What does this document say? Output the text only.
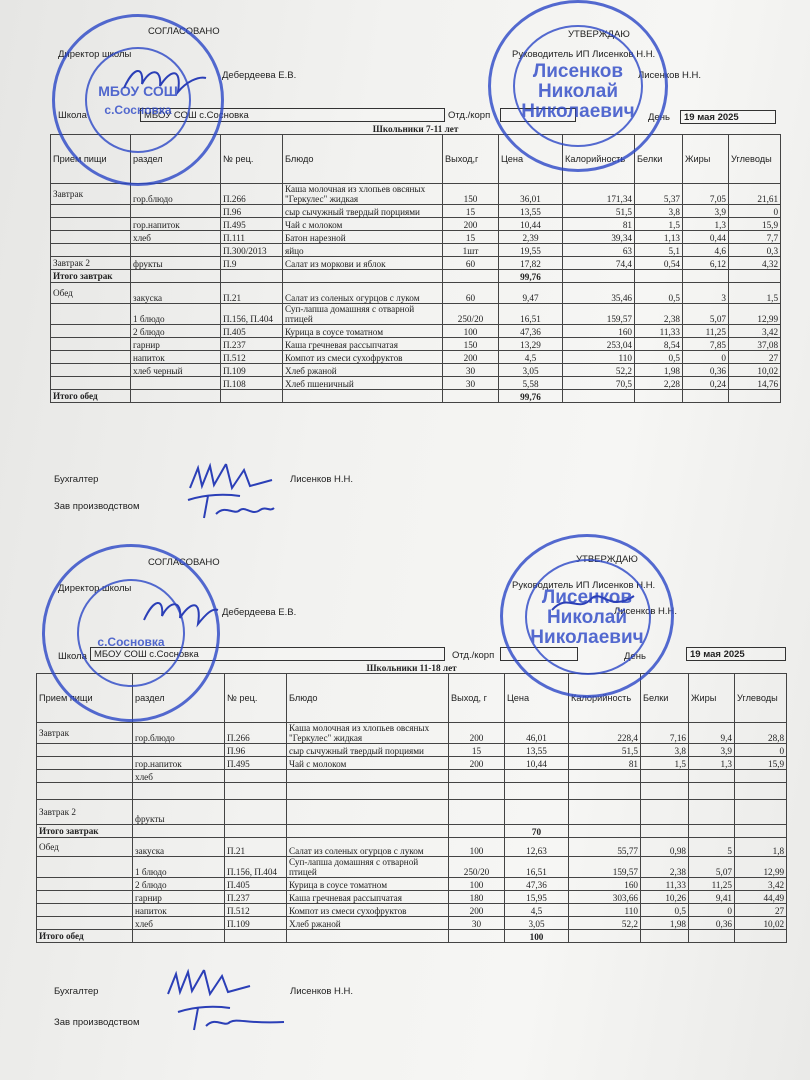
СОГЛАСОВАНО
Директор школы
Дебердеева Е.В.
УТВЕРЖДАЮ
Руководитель ИП Лисенков Н.Н.
Лисенков Н.Н.
Школа	МБОУ СОШ с.Сосновка	Отд./корп	День	19 мая 2025
Школьники 7-11 лет									
Прием пищи	раздел	№ рец.	Блюдо	Выход,г	Цена	Калорийность	Белки	Жиры	Углеводы
Завтрак	гор.блюдо	П.266	Каша молочная из хлопьев овсяных "Геркулес" жидкая	150	36,01	171,34	5,37	7,05	21,61
		П.96	сыр сычужный твердый порциями	15	13,55	51,5	3,8	3,9	0
	гор.напиток	П.495	Чай с молоком	200	10,44	81	1,5	1,3	15,9
	хлеб	П.111	Батон нарезной	15	2,39	39,34	1,13	0,44	7,7
		П.300/2013	яйцо	1шт	19,55	63	5,1	4,6	0,3
Завтрак 2	фрукты	П.9	Салат из моркови и яблок	60	17,82	74,4	0,54	6,12	4,32
Итого завтрак					99,76				
Обед	закуска	П.21	Салат из соленых огурцов с луком	60	9,47	35,46	0,5	3	1,5
	1 блюдо	П.156, П.404	Суп-лапша домашняя с отварной птицей	250/20	16,51	159,57	2,38	5,07	12,99
	2 блюдо	П.405	Курица в соусе томатном	100	47,36	160	11,33	11,25	3,42
	гарнир	П.237	Каша гречневая рассыпчатая	150	13,29	253,04	8,54	7,85	37,08
	напиток	П.512	Компот из смеси сухофруктов	200	4,5	110	0,5	0	27
	хлеб черный	П.109	Хлеб ржаной	30	3,05	52,2	1,98	0,36	10,02
		П.108	Хлеб пшеничный	30	5,58	70,5	2,28	0,24	14,76
Итого обед					99,76				
Бухгалтер	Лисенков Н.Н.
Зав производством
МБОУ СОШ
с.Сосновка
Лисенков
Николай
Николаевич
СОГЛАСОВАНО
Директор школы
Дебердеева Е.В.
УТВЕРЖДАЮ
Руководитель ИП Лисенков Н.Н.
Лисенков Н.Н.
Школа МБОУ СОШ с.Сосновка	Отд./корп	День	19 мая 2025
Школьники 11-18 лет									
Прием пищи	раздел	№ рец.	Блюдо	Выход, г	Цена	Калорийность	Белки	Жиры	Углеводы
Завтрак	гор.блюдо	П.266	Каша молочная из хлопьев овсяных "Геркулес" жидкая	200	46,01	228,4	7,16	9,4	28,8
		П.96	сыр сычужный твердый порциями	15	13,55	51,5	3,8	3,9	0
	гор.напиток	П.495	Чай с молоком	200	10,44	81	1,5	1,3	15,9
	хлеб								

Завтрак 2	фрукты								
Итого завтрак					70				
Обед	закуска	П.21	Салат из соленых огурцов с луком	100	12,63	55,77	0,98	5	1,8
	1 блюдо	П.156, П.404	Суп-лапша домашняя с отварной птицей	250/20	16,51	159,57	2,38	5,07	12,99
	2 блюдо	П.405	Курица в соусе томатном	100	47,36	160	11,33	11,25	3,42
	гарнир	П.237	Каша гречневая рассыпчатая	180	15,95	303,66	10,26	9,41	44,49
	напиток	П.512	Компот из смеси сухофруктов	200	4,5	110	0,5	0	27
	хлеб	П.109	Хлеб ржаной	30	3,05	52,2	1,98	0,36	10,02
Итого обед					100				
Бухгалтер	Лисенков Н.Н.
Зав производством
с.Сосновка
Лисенков
Николай
Николаевич
